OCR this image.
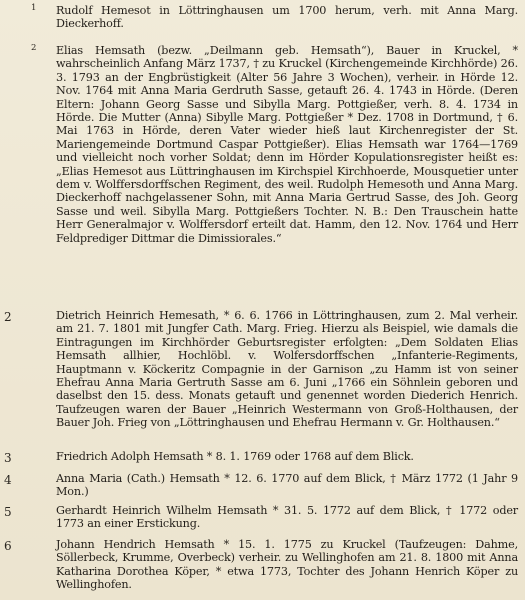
1 Rudolf Hemesot in Löttringhausen um 1700 herum, verh. mit Anna Marg. Dieckerhoff.
2 Elias Hemsath (bezw. „Deilmann geb. Hemsath“), Bauer in Kruckel, * wahrscheinlich Anfang März 1737, † zu Kruckel (Kirchengemeinde Kirchhörde) 26. 3. 1793 an der Engbrüstigkeit (Alter 56 Jahre 3 Wochen), verheir. in Hörde 12. Nov. 1764 mit Anna Maria Gerdruth Sasse, getauft 26. 4. 1743 in Hörde. (Deren Eltern: Johann Georg Sasse und Sibylla Marg. Pottgießer, verh. 8. 4. 1734 in Hörde. Die Mutter (Anna) Sibylle Marg. Pottgießer * Dez. 1708 in Dortmund, † 6. Mai 1763 in Hörde, deren Vater wieder hieß laut Kirchenregister der St. Mariengemeinde Dortmund Caspar Pottgießer). Elias Hemsath war 1764—1769 und vielleicht noch vorher Soldat; denn im Hörder Kopulationsregister heißt es: „Elias Hemesot aus Lüttringhausen im Kirchspiel Kirchhoerde, Mousquetier unter dem v. Wolffersdorffschen Regiment, des weil. Rudolph Hemesoth und Anna Marg. Dieckerhoff nachgelassener Sohn, mit Anna Maria Gertrud Sasse, des Joh. Georg Sasse und weil. Sibylla Marg. Pottgießers Tochter. N. B.: Den Trauschein hatte Herr Generalmajor v. Wolffersdorf erteilt dat. Hamm, den 12. Nov. 1764 und Herr Feldprediger Dittmar die Dimissiorales.“
2	Dietrich Heinrich Hemesath, * 6. 6. 1766 in Löttringhausen, zum 2. Mal verheir. am 21. 7. 1801 mit Jungfer Cath. Marg. Frieg. Hierzu als Beispiel, wie damals die Eintragungen im Kirchhörder Geburtsregister erfolgten: „Dem Soldaten Elias Hemsath allhier, Hochlöbl. v. Wolfersdorffschen „Infanterie-Regiments, Hauptmann v. Köckeritz Compagnie in der Garnison „zu Hamm ist von seiner Ehefrau Anna Maria Gertruth Sasse am 6. Juni „1766 ein Söhnlein geboren und daselbst den 15. dess. Monats getauft und genennet worden Diederich Henrich. Taufzeugen waren der Bauer „Heinrich Westermann von Groß-Holthausen, der Bauer Joh. Frieg von „Löttringhausen und Ehefrau Hermann v. Gr. Holthausen.“
3	Friedrich Adolph Hemsath * 8. 1. 1769 oder 1768 auf dem Blick.
4	Anna Maria (Cath.) Hemsath * 12. 6. 1770 auf dem Blick, † März 1772 (1 Jahr 9 Mon.)
5	Gerhardt Heinrich Wilhelm Hemsath * 31. 5. 1772 auf dem Blick, † 1772 oder 1773 an einer Erstickung.
6	Johann Hendrich Hemsath * 15. 1. 1775 zu Kruckel (Taufzeugen: Dahme, Söllerbeck, Krumme, Overbeck) verheir. zu Wellinghofen am 21. 8. 1800 mit Anna Katharina Dorothea Köper, * etwa 1773, Tochter des Johann Henrich Köper zu Wellinghofen.
